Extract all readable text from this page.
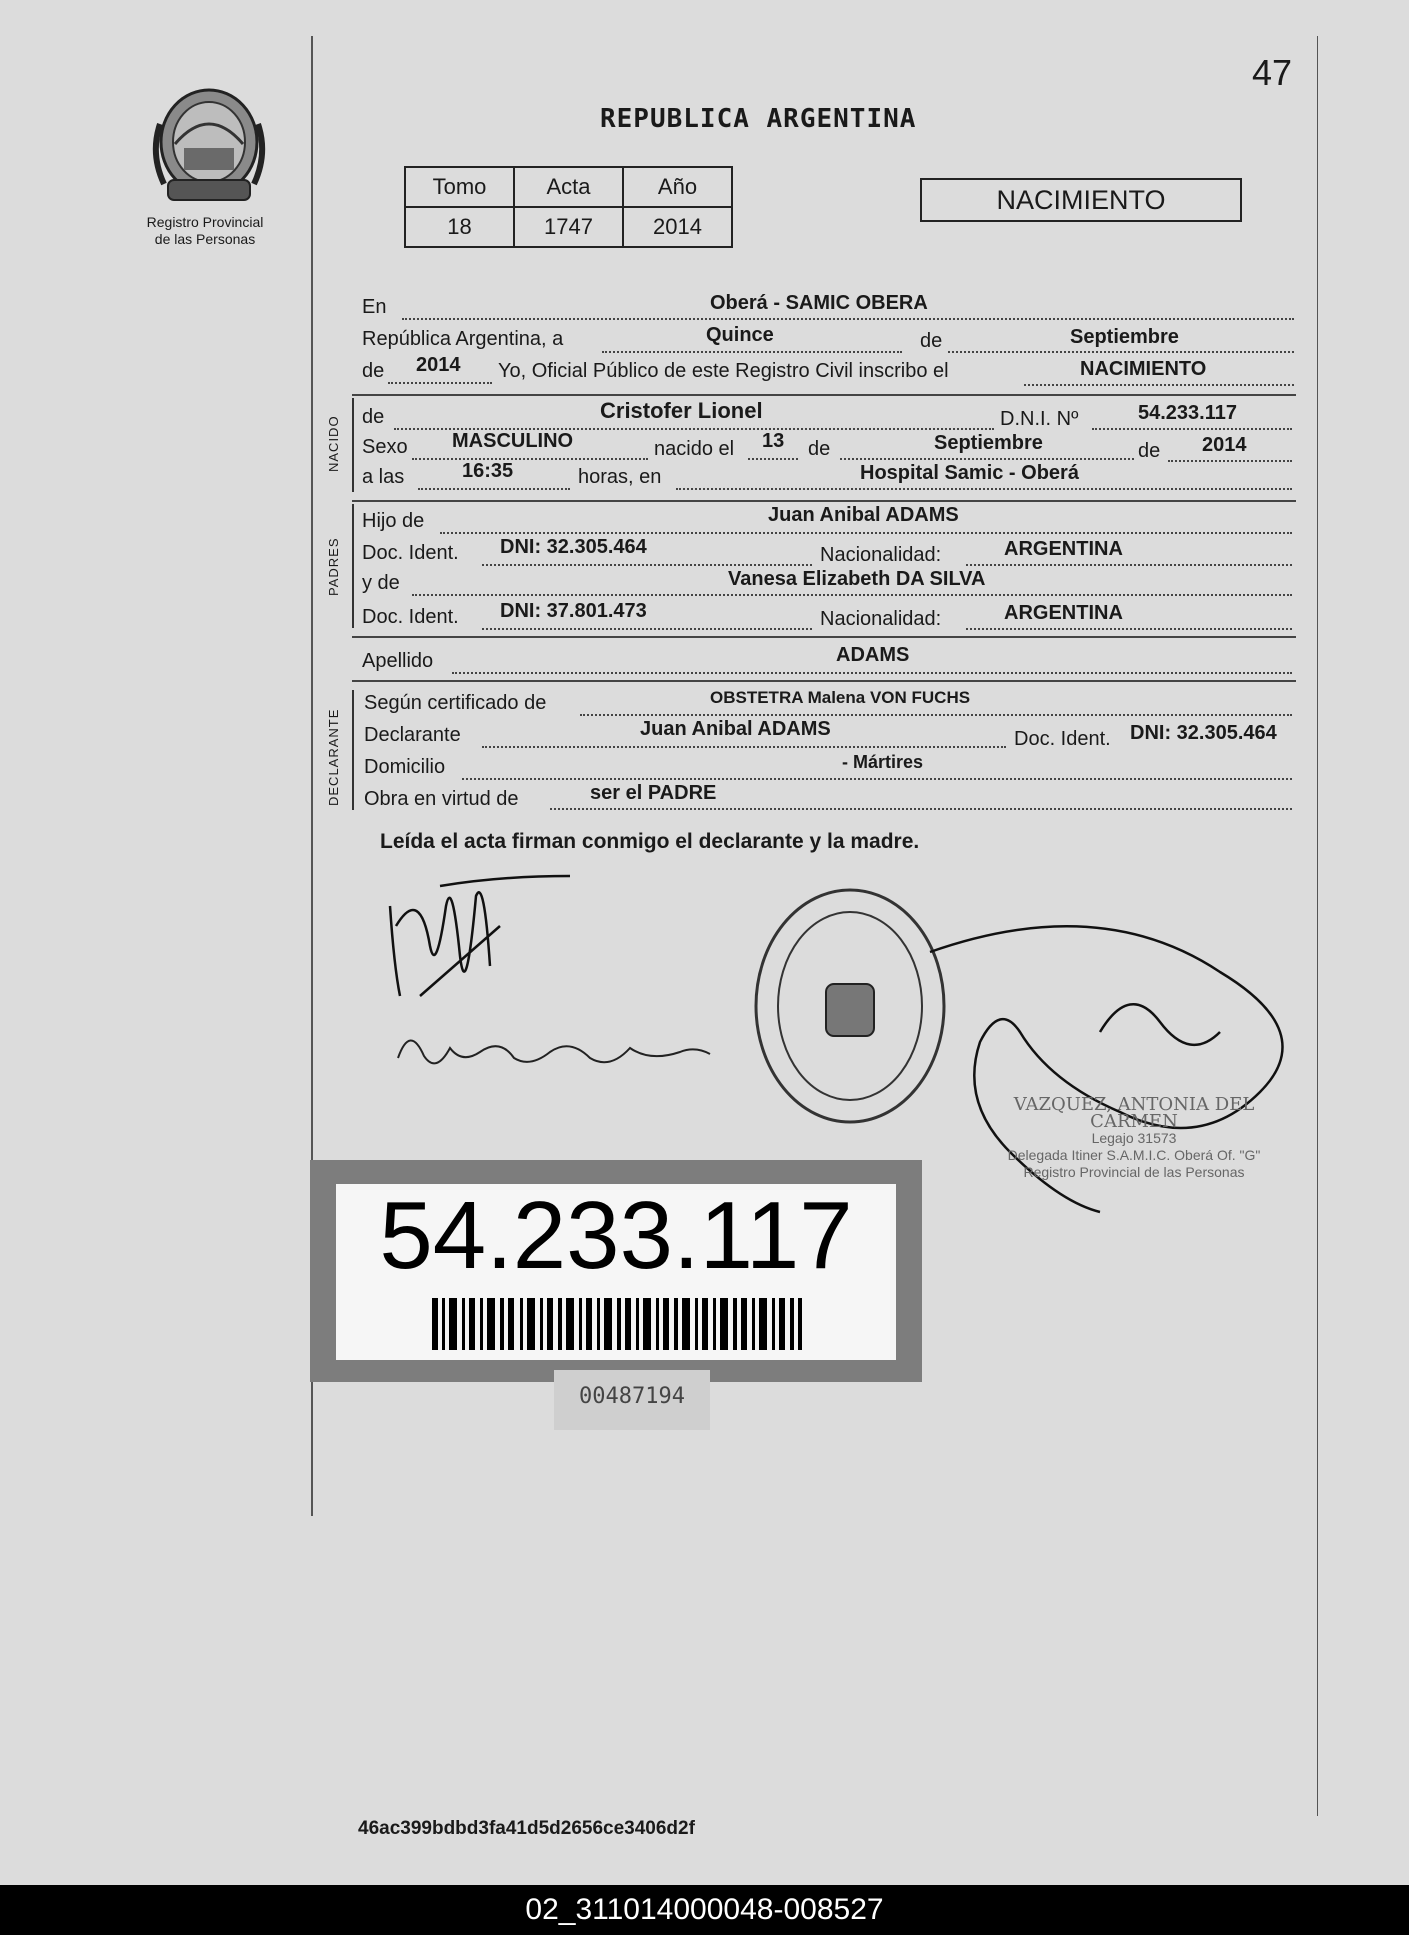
Registro Provincial
de las Personas
47
REPUBLICA ARGENTINA
Tomo	Acta	Año
18	1747	2014
NACIMIENTO
En	Oberá - SAMIC OBERA
República Argentina, a	Quince	de	Septiembre
de 2014 Yo, Oficial Público de este Registro Civil inscribo el	NACIMIENTO
NACIDO de	Cristofer Lionel	D.N.I. Nº	54.233.117
Sexo MASCULINO	nacido el 13 de	Septiembre	de 2014
a las	16:35	horas, en	Hospital Samic - Oberá
PADRES
Hijo de	Juan Anibal ADAMS
Doc. Ident. DNI: 32.305.464	Nacionalidad:	ARGENTINA
y de	Vanesa Elizabeth DA SILVA
Doc. Ident. DNI: 37.801.473	Nacionalidad:	ARGENTINA
Apellido	ADAMS
DECLARANTE
Según certificado de	OBSTETRA Malena VON FUCHS
Declarante	Juan Anibal ADAMS	Doc. Ident. DNI: 32.305.464
Domicilio	- Mártires
Obra en virtud de	ser el PADRE
Leída el acta firman conmigo el declarante y la madre.
VAZQUEZ, ANTONIA DEL CARMEN
Legajo 31573
Delegada Itiner S.A.M.I.C. Oberá Of. "G"
Registro Provincial de las Personas
54.233.117
00487194
46ac399bdbd3fa41d5d2656ce3406d2f
02_311014000048-008527
